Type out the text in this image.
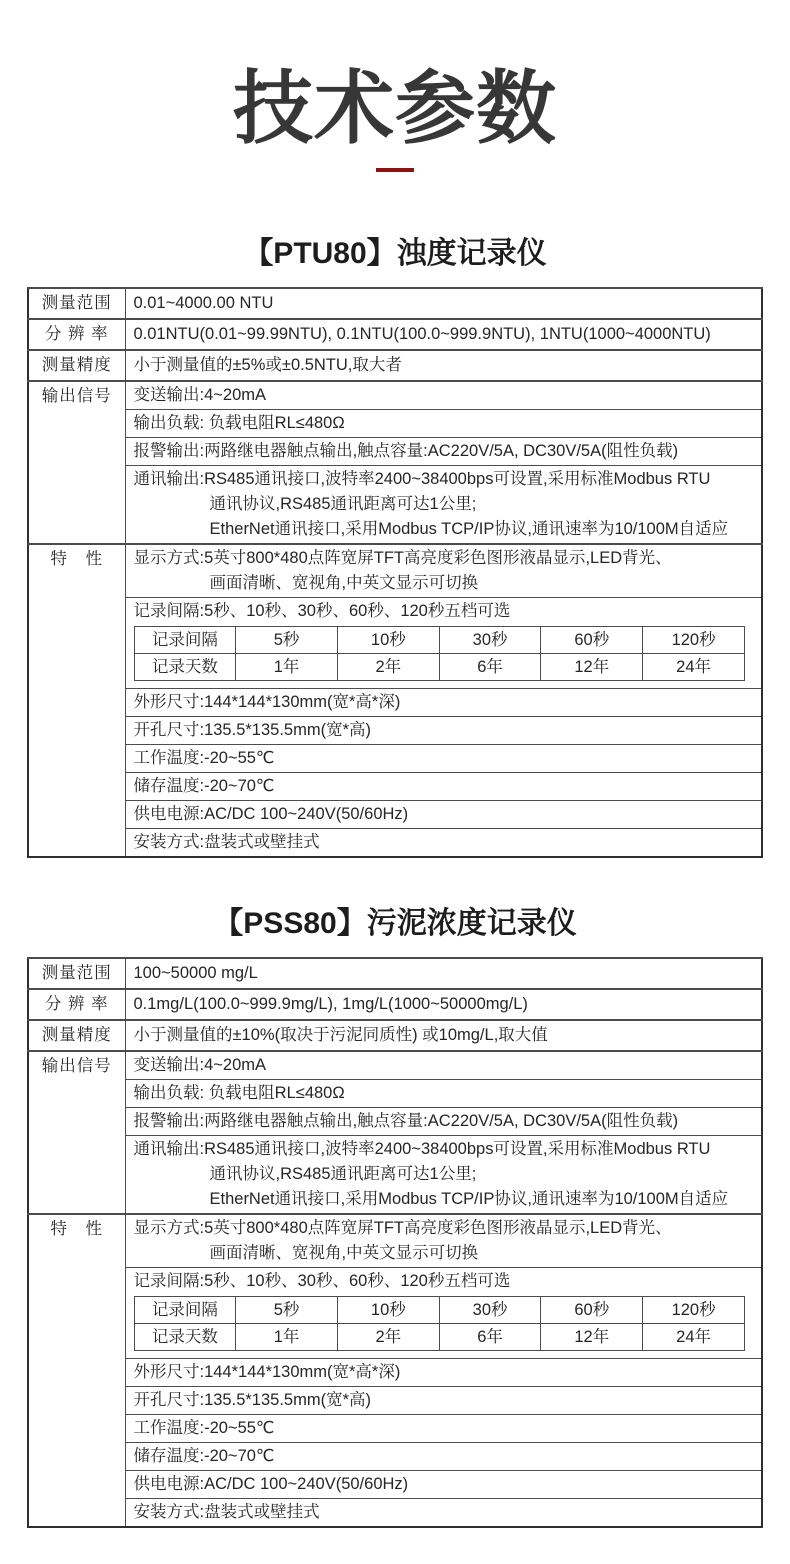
技术参数
【PTU80】浊度记录仪
测量范围	0.01~4000.00 NTU
分 辨 率	0.01NTU(0.01~99.99NTU), 0.1NTU(100.0~999.9NTU), 1NTU(1000~4000NTU)
测量精度	小于测量值的±5%或±0.5NTU,取大者
输出信号	变送输出:4~20mA
输出负载: 负载电阻RL≤480Ω
报警输出:两路继电器触点输出,触点容量:AC220V/5A, DC30V/5A(阻性负载)

通讯输出:RS485通讯接口,波特率2400~38400bps可设置,采用标准Modbus RTU
通讯协议,RS485通讯距离可达1公里;
EtherNet通讯接口,采用Modbus TCP/IP协议,通讯速率为10/100M自适应

特　性	显示方式:5英寸800*480点阵宽屏TFT高亮度彩色图形液晶显示,LED背光、
画面清晰、宽视角,中英文显示可切换

记录间隔:5秒、10秒、30秒、60秒、120秒五档可选
记录间隔	5秒	10秒	30秒	60秒	120秒
记录天数	1年	2年	6年	12年	24年

外形尺寸:144*144*130mm(宽*高*深)
开孔尺寸:135.5*135.5mm(宽*高)
工作温度:-20~55℃
储存温度:-20~70℃
供电电源:AC/DC 100~240V(50/60Hz)
安装方式:盘装式或壁挂式
【PSS80】污泥浓度记录仪
测量范围	100~50000 mg/L
分 辨 率	0.1mg/L(100.0~999.9mg/L), 1mg/L(1000~50000mg/L)
测量精度	小于测量值的±10%(取决于污泥同质性) 或10mg/L,取大值
输出信号	变送输出:4~20mA
输出负载: 负载电阻RL≤480Ω
报警输出:两路继电器触点输出,触点容量:AC220V/5A, DC30V/5A(阻性负载)

通讯输出:RS485通讯接口,波特率2400~38400bps可设置,采用标准Modbus RTU
通讯协议,RS485通讯距离可达1公里;
EtherNet通讯接口,采用Modbus TCP/IP协议,通讯速率为10/100M自适应

特　性	显示方式:5英寸800*480点阵宽屏TFT高亮度彩色图形液晶显示,LED背光、
画面清晰、宽视角,中英文显示可切换

记录间隔:5秒、10秒、30秒、60秒、120秒五档可选
记录间隔	5秒	10秒	30秒	60秒	120秒
记录天数	1年	2年	6年	12年	24年

外形尺寸:144*144*130mm(宽*高*深)
开孔尺寸:135.5*135.5mm(宽*高)
工作温度:-20~55℃
储存温度:-20~70℃
供电电源:AC/DC 100~240V(50/60Hz)
安装方式:盘装式或壁挂式
